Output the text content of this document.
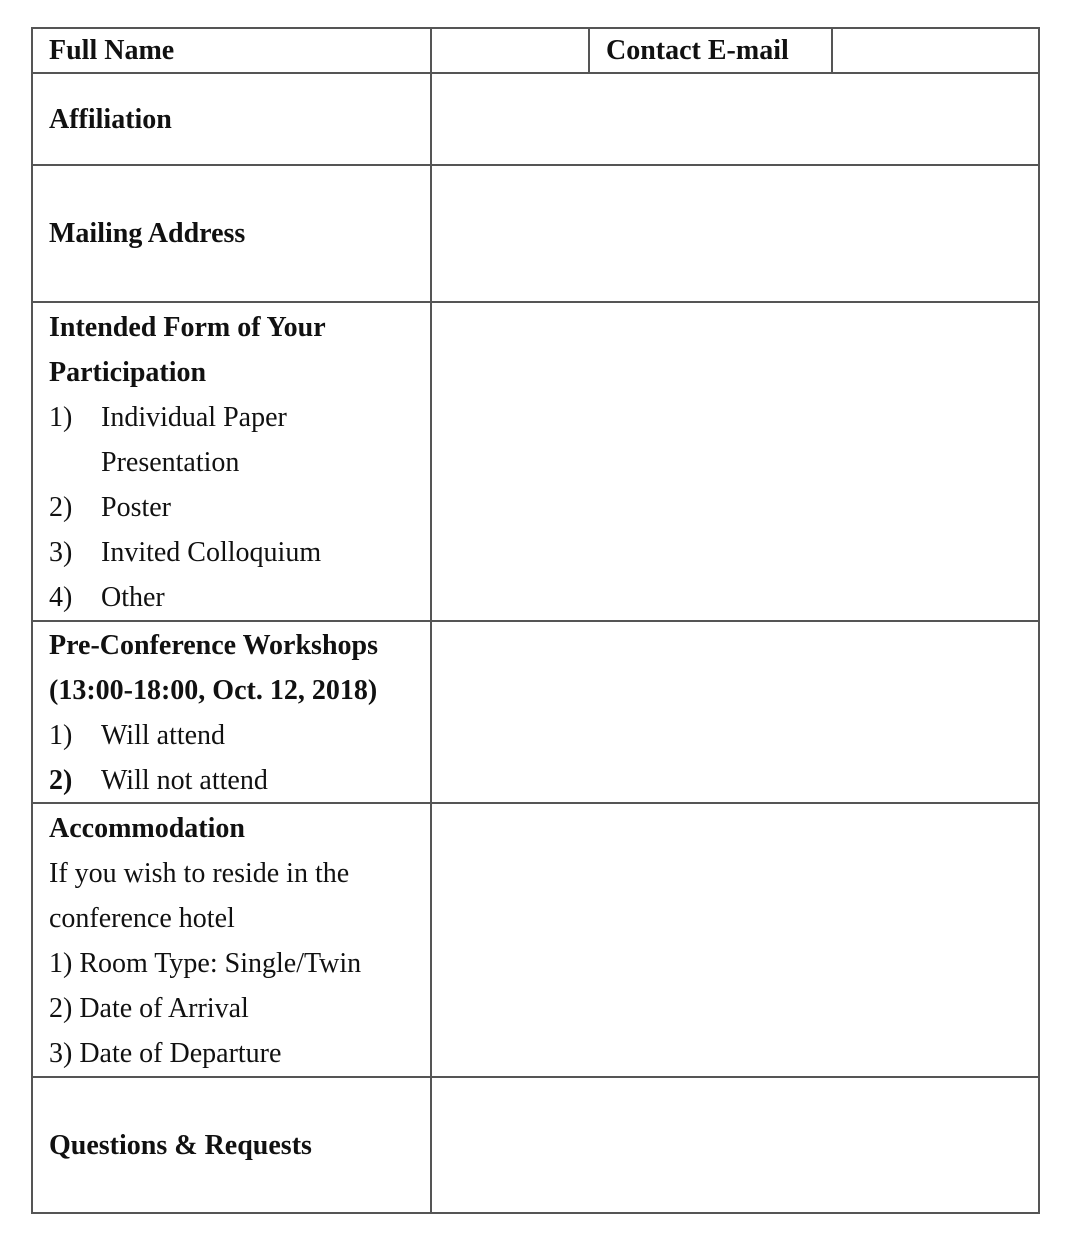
Full Name	Contact E-mail
Affiliation
Mailing Address
Intended Form of Your
Participation
1)	Individual Paper
Presentation
2)	Poster
3)	Invited Colloquium
4)	Other
Pre-Conference Workshops
(13:00-18:00, Oct. 12, 2018)
1)	Will attend
2)	Will not attend
Accommodation
If you wish to reside in the
conference hotel
1) Room Type: Single/Twin
2) Date of Arrival
3) Date of Departure
Questions & Requests
